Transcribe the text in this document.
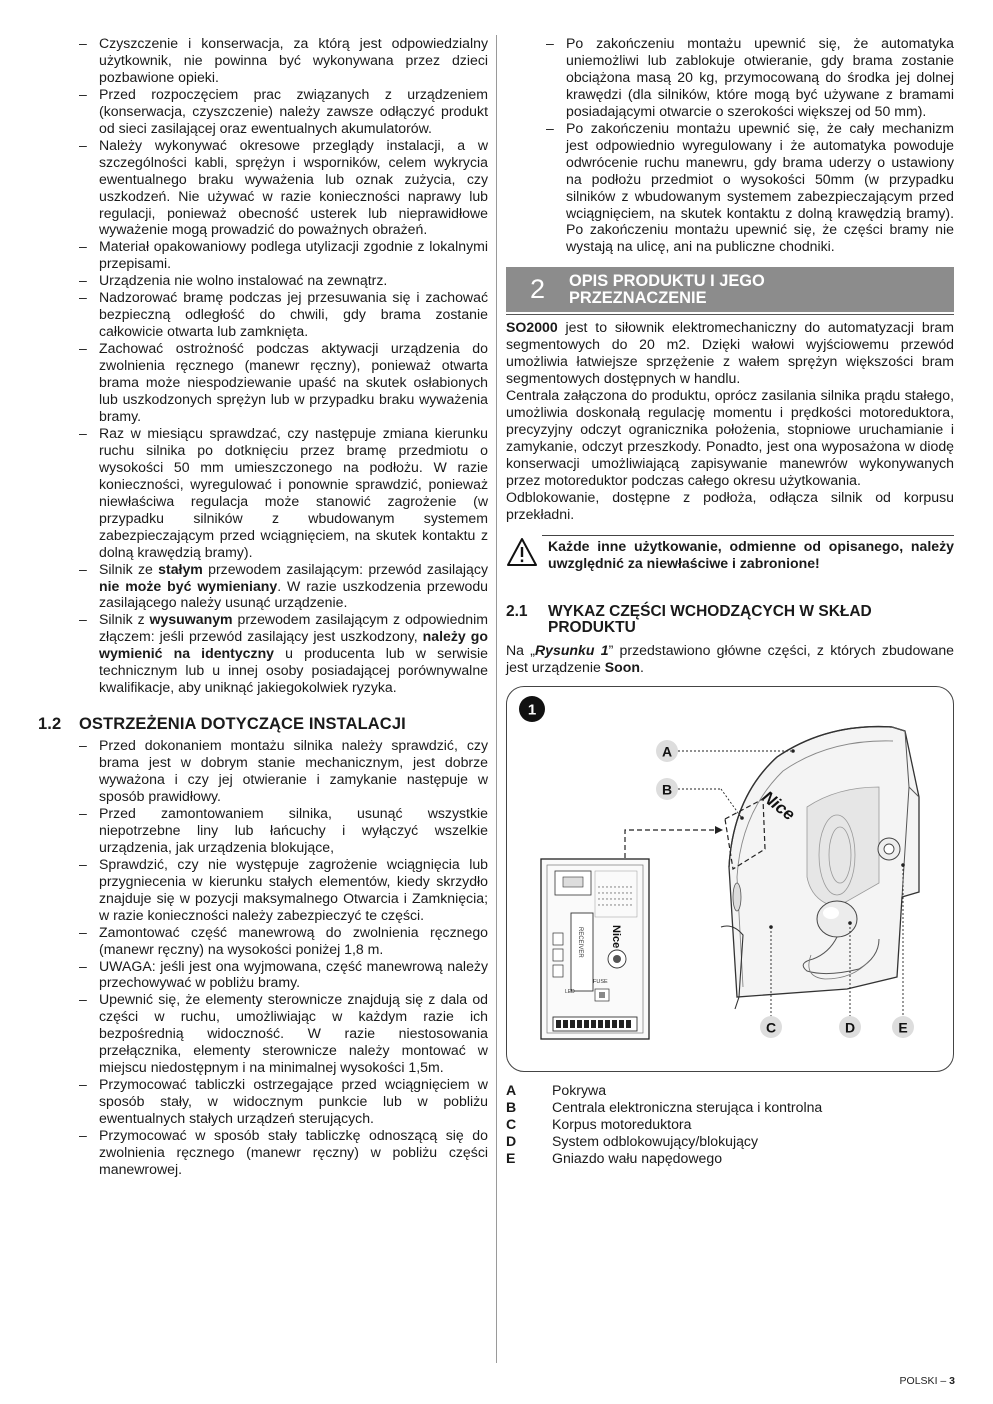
– Czyszczenie i konserwacja, za którą jest odpowiedzialny użytkownik, nie powinna być wykonywana przez dzieci pozbawione opieki.
– Przed rozpoczęciem prac związanych z urządzeniem (konserwacja, czyszczenie) należy zawsze odłączyć produkt od sieci zasilającej oraz ewentualnych akumulatorów.
– Należy wykonywać okresowe przeglądy instalacji, a w szczególności kabli, sprężyn i wsporników, celem wykrycia ewentualnego braku wyważenia lub oznak zużycia, czy uszkodzeń. Nie używać w razie konieczności naprawy lub regulacji, ponieważ obecność usterek lub nieprawidłowe wyważenie mogą prowadzić do poważnych obrażeń.
– Materiał opakowaniowy podlega utylizacji zgodnie z lokalnymi przepisami.
– Urządzenia nie wolno instalować na zewnątrz.
– Nadzorować bramę podczas jej przesuwania się i zachować bezpieczną odległość do chwili, gdy brama zostanie całkowicie otwarta lub zamknięta.
– Zachować ostrożność podczas aktywacji urządzenia do zwolnienia ręcznego (manewr ręczny), ponieważ otwarta brama może niespodziewanie upaść na skutek osłabionych lub uszkodzonych sprężyn lub w przypadku braku wyważenia bramy.
– Raz w miesiącu sprawdzać, czy następuje zmiana kierunku ruchu silnika po dotknięciu przez bramę przedmiotu o wysokości 50 mm umieszczonego na podłożu. W razie konieczności, wyregulować i ponownie sprawdzić, ponieważ niewłaściwa regulacja może stanowić zagrożenie (w przypadku silników z wbudowanym systemem zabezpieczającym przed wciągnięciem, na skutek kontaktu z dolną krawędzią bramy).
– Silnik ze stałym przewodem zasilającym: przewód zasilający nie może być wymieniany. W razie uszkodzenia przewodu zasilającego należy usunąć urządzenie.
– Silnik z wysuwanym przewodem zasilającym z odpowiednim złączem: jeśli przewód zasilający jest uszkodzony, należy go wymienić na identyczny u producenta lub w serwisie technicznym lub u innej osoby posiadającej porównywalne kwalifikacje, aby uniknąć jakiegokolwiek ryzyka.
1.2	OSTRZEŻENIA DOTYCZĄCE INSTALACJI
– Przed dokonaniem montażu silnika należy sprawdzić, czy brama jest w dobrym stanie mechanicznym, jest dobrze wyważona i czy jej otwieranie i zamykanie następuje w sposób prawidłowy.
– Przed zamontowaniem silnika, usunąć wszystkie niepotrzebne liny lub łańcuchy i wyłączyć wszelkie urządzenia, jak urządzenia blokujące,
– Sprawdzić, czy nie występuje zagrożenie wciągnięcia lub przygniecenia w kierunku stałych elementów, kiedy skrzydło znajduje się w pozycji maksymalnego Otwarcia i Zamknięcia; w razie konieczności należy zabezpieczyć te części.
– Zamontować część manewrową do zwolnienia ręcznego (manewr ręczny) na wysokości poniżej 1,8 m.
– UWAGA: jeśli jest ona wyjmowana, część manewrową należy przechowywać w pobliżu bramy.
– Upewnić się, że elementy sterownicze znajdują się z dala od części w ruchu, umożliwiając w każdym razie ich bezpośrednią widoczność. W razie niestosowania przełącznika, elementy sterownicze należy montować w miejscu niedostępnym i na minimalnej wysokości 1,5m.
– Przymocować tabliczki ostrzegające przed wciągnięciem w sposób stały, w widocznym punkcie lub w pobliżu ewentualnych stałych urządzeń sterujących.
– Przymocować w sposób stały tabliczkę odnoszącą się do zwolnienia ręcznego (manewr ręczny) w pobliżu części manewrowej.
– Po zakończeniu montażu upewnić się, że automatyka uniemożliwi lub zablokuje otwieranie, gdy brama zostanie obciążona masą 20 kg, przymocowaną do środka jej dolnej krawędzi (dla silników, które mogą być używane z bramami posiadającymi otwarcie o szerokości większej od 50 mm).
– Po zakończeniu montażu upewnić się, że cały mechanizm jest odpowiednio wyregulowany i że automatyka powoduje odwrócenie ruchu manewru, gdy brama uderzy o ustawiony na podłożu przedmiot o wysokości 50mm (w przypadku silników z wbudowanym systemem zabezpieczającym przed wciągnięciem, na skutek kontaktu z dolną krawędzią bramy). Po zakończeniu montażu upewnić się, że części bramy nie wystają na ulicę, ani na publiczne chodniki.
2	OPIS PRODUKTU I JEGO
PRZEZNACZENIE

SO2000 jest to siłownik elektromechaniczny do automatyzacji bram segmentowych do 20 m2. Dzięki wałowi wyjściowemu przewód umożliwia łatwiejsze sprzężenie z wałem sprężyn większości bram segmentowych dostępnych w handlu.

Centrala załączona do produktu, oprócz zasilania silnika prądu stałego, umożliwia doskonałą regulację momentu i prędkości motoreduktora, precyzyjny odczyt ogranicznika położenia, stopniowe uruchamianie i zamykanie, odczyt przeszkody. Ponadto, jest ona wyposażona w diodę konserwacji umożliwiającą zapisywanie manewrów wykonywanych przez motoreduktor podczas całego okresu użytkowania.

Odblokowanie, dostępne z podłoża, odłącza silnik od korpusu przekładni.

Każde inne użytkowanie, odmienne od opisanego, należy uwzględnić za niewłaściwe i zabronione!
2.1	WYKAZ CZĘŚCI WCHODZĄCYCH W SKŁAD PRODUKTU

Na „Rysunku 1” przedstawiono główne części, z których zbudowane jest urządzenie Soon.

1
Nice
RECEIVER Nice
FUSE
LED
A
B
C	D	E
A	Pokrywa
B	Centrala elektroniczna sterująca i kontrolna
C	Korpus motoreduktora
D	System odblokowujący/blokujący
E	Gniazdo wału napędowego
POLSKI – 3
